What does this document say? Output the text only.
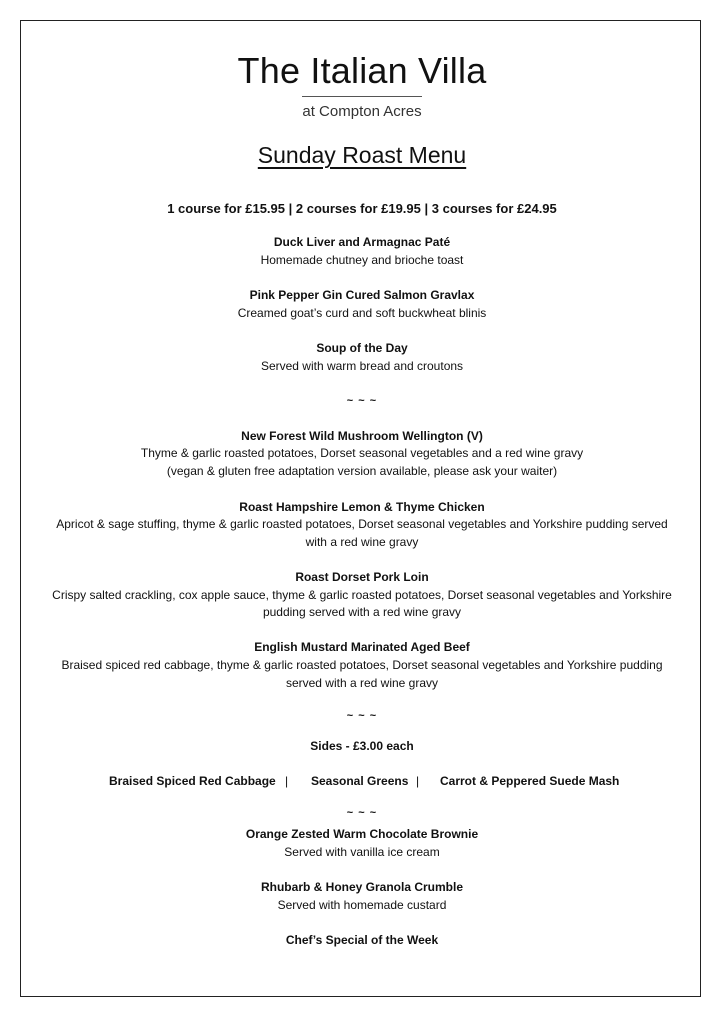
The Italian Villa
at Compton Acres
Sunday Roast Menu
1 course for £15.95 | 2 courses for £19.95 | 3 courses for £24.95
Duck Liver and Armagnac Paté
Homemade chutney and brioche toast
Pink Pepper Gin Cured Salmon Gravlax
Creamed goat’s curd and soft buckwheat blinis
Soup of the Day
Served with warm bread and croutons
~ ~ ~
New Forest Wild Mushroom Wellington (V)
Thyme & garlic roasted potatoes, Dorset seasonal vegetables and a red wine gravy
(vegan & gluten free adaptation version available, please ask your waiter)
Roast Hampshire Lemon & Thyme Chicken
Apricot & sage stuffing, thyme & garlic roasted potatoes, Dorset seasonal vegetables and Yorkshire pudding served
with a red wine gravy
Roast Dorset Pork Loin
Crispy salted crackling, cox apple sauce, thyme & garlic roasted potatoes, Dorset seasonal vegetables and Yorkshire
pudding served with a red wine gravy
English Mustard Marinated Aged Beef
Braised spiced red cabbage, thyme & garlic roasted potatoes, Dorset seasonal vegetables and Yorkshire pudding
served with a red wine gravy
~ ~ ~
Sides - £3.00 each
Braised Spiced Red Cabbage | Seasonal Greens | Carrot & Peppered Suede Mash
~ ~ ~
Orange Zested Warm Chocolate Brownie
Served with vanilla ice cream
Rhubarb & Honey Granola Crumble
Served with homemade custard
Chef’s Special of the Week
